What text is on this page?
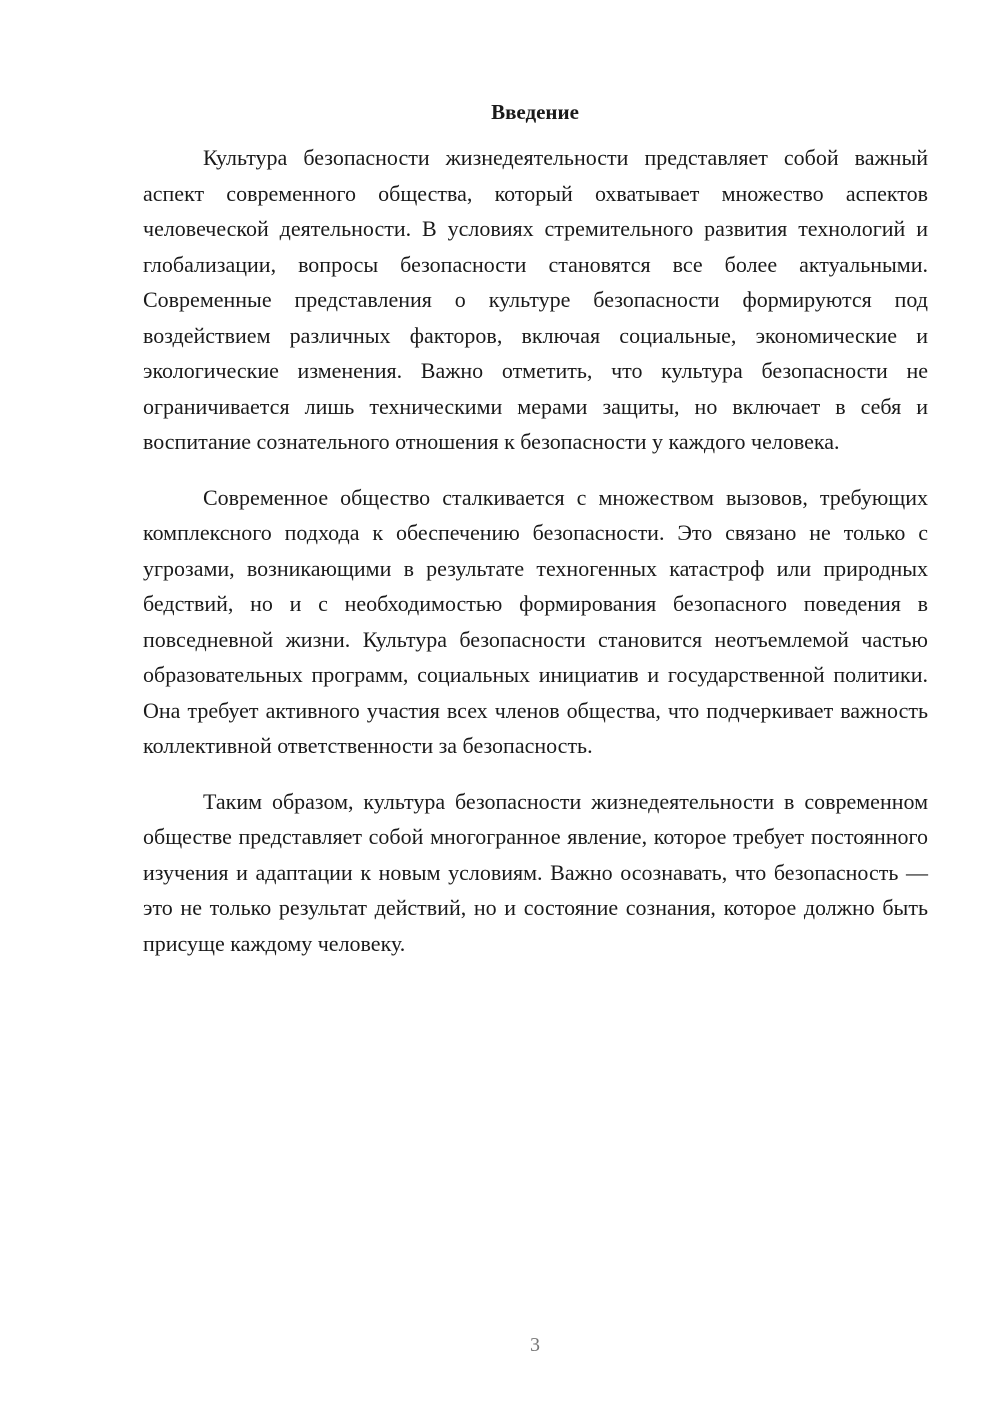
Введение

Культура безопасности жизнедеятельности представляет собой важный аспект современного общества, который охватывает множество аспектов человеческой деятельности. В условиях стремительного развития технологий и глобализации, вопросы безопасности становятся все более актуальными. Современные представления о культуре безопасности формируются под воздействием различных факторов, включая социальные, экономические и экологические изменения. Важно отметить, что культура безопасности не ограничивается лишь техническими мерами защиты, но включает в себя и воспитание сознательного отношения к безопасности у каждого человека.

Современное общество сталкивается с множеством вызовов, требующих комплексного подхода к обеспечению безопасности. Это связано не только с угрозами, возникающими в результате техногенных катастроф или природных бедствий, но и с необходимостью формирования безопасного поведения в повседневной жизни. Культура безопасности становится неотъемлемой частью образовательных программ, социальных инициатив и государственной политики. Она требует активного участия всех членов общества, что подчеркивает важность коллективной ответственности за безопасность.

Таким образом, культура безопасности жизнедеятельности в современном обществе представляет собой многогранное явление, которое требует постоянного изучения и адаптации к новым условиям. Важно осознавать, что безопасность — это не только результат действий, но и состояние сознания, которое должно быть присуще каждому человеку.

3
